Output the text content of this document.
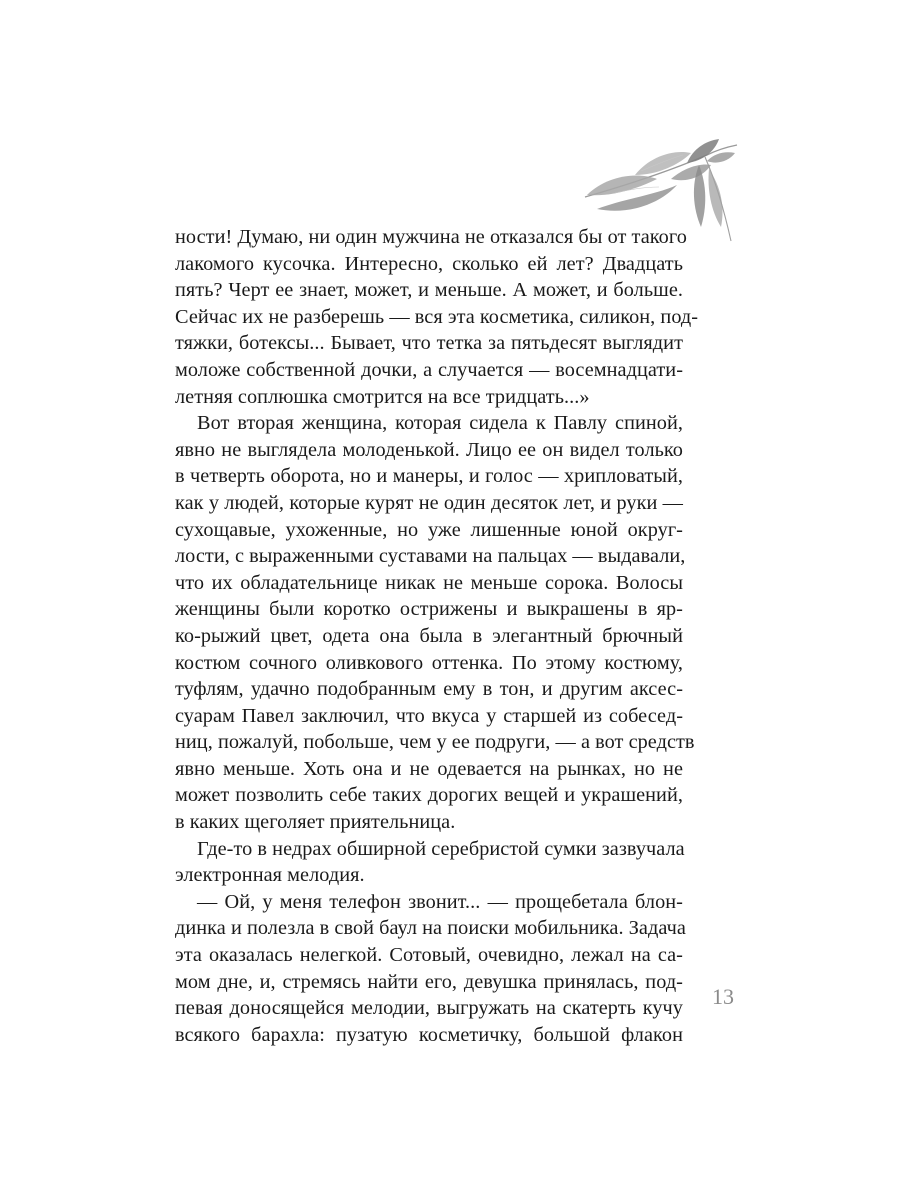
ности! Думаю, ни один мужчина не отказался бы от такого
лакомого кусочка. Интересно, сколько ей лет? Двадцать
пять? Черт ее знает, может, и меньше. А может, и больше.
Сейчас их не разберешь — вся эта косметика, силикон, под-
тяжки, ботексы... Бывает, что тетка за пятьдесят выглядит
моложе собственной дочки, а случается — восемнадцати-
летняя соплюшка смотрится на все тридцать...»
Вот вторая женщина, которая сидела к Павлу спиной,
явно не выглядела молоденькой. Лицо ее он видел только
в четверть оборота, но и манеры, и голос — хрипловатый,
как у людей, которые курят не один десяток лет, и руки —
сухощавые, ухоженные, но уже лишенные юной округ-
лости, с выраженными суставами на пальцах — выдавали,
что их обладательнице никак не меньше сорока. Волосы
женщины были коротко острижены и выкрашены в яр-
ко-рыжий цвет, одета она была в элегантный брючный
костюм сочного оливкового оттенка. По этому костюму,
туфлям, удачно подобранным ему в тон, и другим аксес-
суарам Павел заключил, что вкуса у старшей из собесед-
ниц, пожалуй, побольше, чем у ее подруги, — а вот средств
явно меньше. Хоть она и не одевается на рынках, но не
может позволить себе таких дорогих вещей и украшений,
в каких щеголяет приятельница.
Где-то в недрах обширной серебристой сумки зазвучала
электронная мелодия.
— Ой, у меня телефон звонит... — прощебетала блон-
динка и полезла в свой баул на поиски мобильника. Задача
эта оказалась нелегкой. Сотовый, очевидно, лежал на са-
мом дне, и, стремясь найти его, девушка принялась, под-
певая доносящейся мелодии, выгружать на скатерть кучу
всякого барахла: пузатую косметичку, большой флакон
13
